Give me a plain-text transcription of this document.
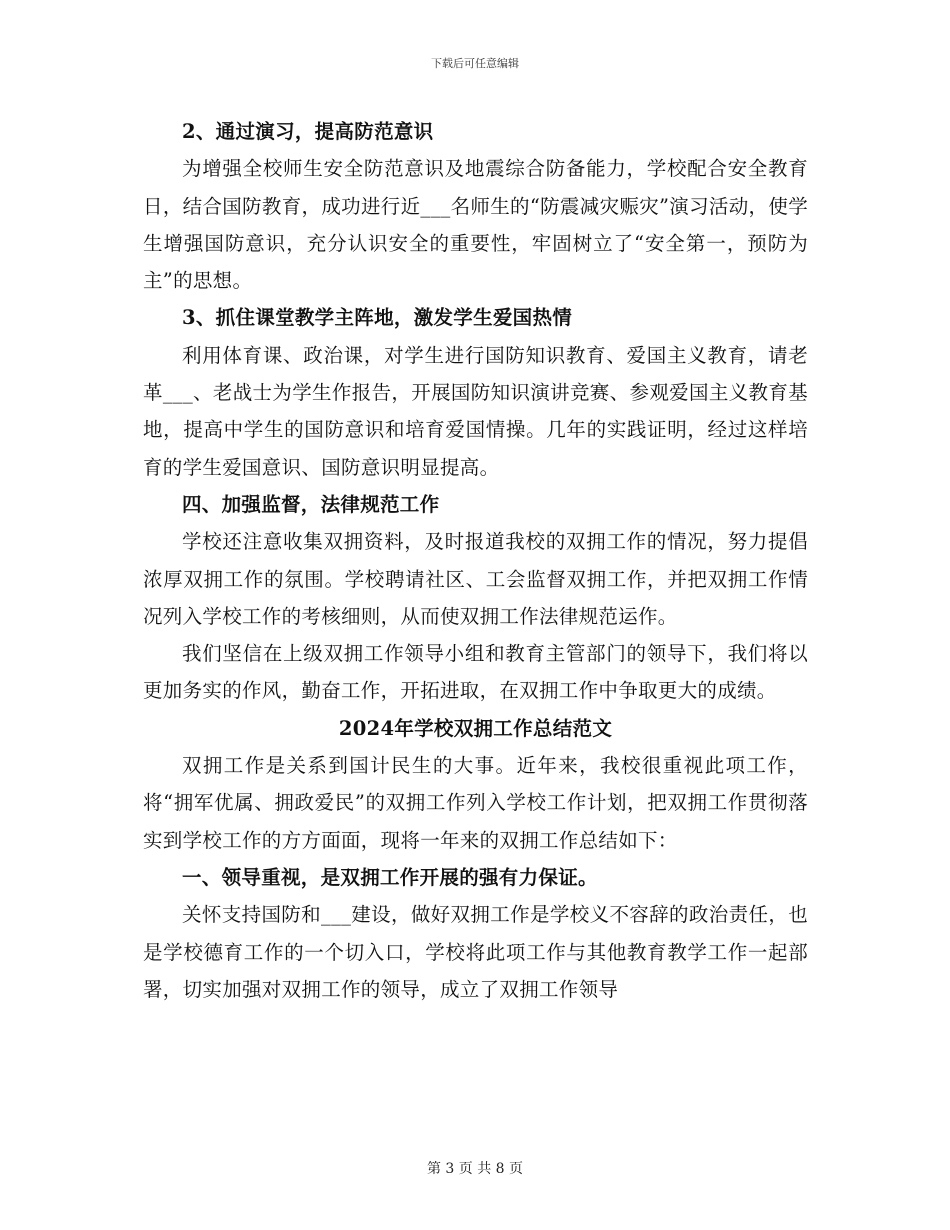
下载后可任意编辑

2、通过演习，提高防范意识

为增强全校师生安全防范意识及地震综合防备能力，学校配合安全教育日，结合国防教育，成功进行近___名师生的“防震减灾赈灾”演习活动，使学生增强国防意识，充分认识安全的重要性，牢固树立了“安全第一，预防为主”的思想。

3、抓住课堂教学主阵地，激发学生爱国热情

利用体育课、政治课，对学生进行国防知识教育、爱国主义教育，请老革___、老战士为学生作报告，开展国防知识演讲竞赛、参观爱国主义教育基地，提高中学生的国防意识和培育爱国情操。几年的实践证明，经过这样培育的学生爱国意识、国防意识明显提高。

四、加强监督，法律规范工作

学校还注意收集双拥资料，及时报道我校的双拥工作的情况，努力提倡浓厚双拥工作的氛围。学校聘请社区、工会监督双拥工作，并把双拥工作情况列入学校工作的考核细则，从而使双拥工作法律规范运作。

我们坚信在上级双拥工作领导小组和教育主管部门的领导下，我们将以更加务实的作风，勤奋工作，开拓进取，在双拥工作中争取更大的成绩。

2024年学校双拥工作总结范文

双拥工作是关系到国计民生的大事。近年来，我校很重视此项工作，将“拥军优属、拥政爱民”的双拥工作列入学校工作计划，把双拥工作贯彻落实到学校工作的方方面面，现将一年来的双拥工作总结如下：

一、领导重视，是双拥工作开展的强有力保证。

关怀支持国防和___建设，做好双拥工作是学校义不容辞的政治责任，也是学校德育工作的一个切入口，学校将此项工作与其他教育教学工作一起部署，切实加强对双拥工作的领导，成立了双拥工作领导

第 3 页 共 8 页
